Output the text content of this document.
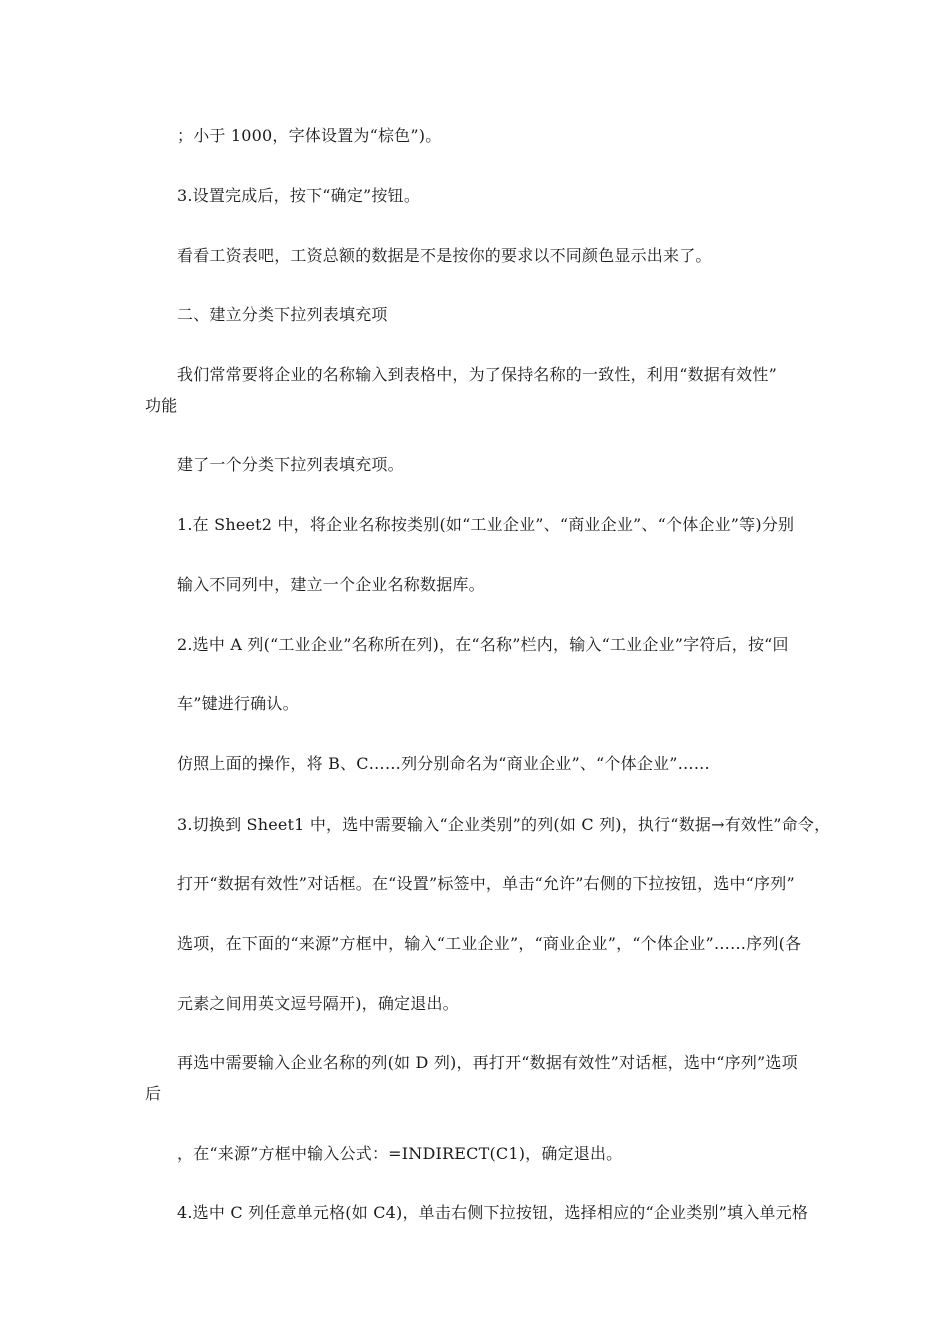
；小于 1000，字体设置为“棕色”)。
3.设置完成后，按下“确定”按钮。
看看工资表吧，工资总额的数据是不是按你的要求以不同颜色显示出来了。
二、建立分类下拉列表填充项
我们常常要将企业的名称输入到表格中，为了保持名称的一致性，利用“数据有效性”
功能
建了一个分类下拉列表填充项。
1.在 Sheet2 中，将企业名称按类别(如“工业企业”、“商业企业”、“个体企业”等)分别
输入不同列中，建立一个企业名称数据库。
2.选中 A 列(“工业企业”名称所在列)，在“名称”栏内，输入“工业企业”字符后，按“回
车”键进行确认。
仿照上面的操作，将 B、C……列分别命名为“商业企业”、“个体企业”……
3.切换到 Sheet1 中，选中需要输入“企业类别”的列(如 C 列)，执行“数据→有效性”命令，
打开“数据有效性”对话框。在“设置”标签中，单击“允许”右侧的下拉按钮，选中“序列”
选项，在下面的“来源”方框中，输入“工业企业”，“商业企业”，“个体企业”……序列(各
元素之间用英文逗号隔开)，确定退出。
再选中需要输入企业名称的列(如 D 列)，再打开“数据有效性”对话框，选中“序列”选项
后
，在“来源”方框中输入公式：=INDIRECT(C1)，确定退出。
4.选中 C 列任意单元格(如 C4)，单击右侧下拉按钮，选择相应的“企业类别”填入单元格
